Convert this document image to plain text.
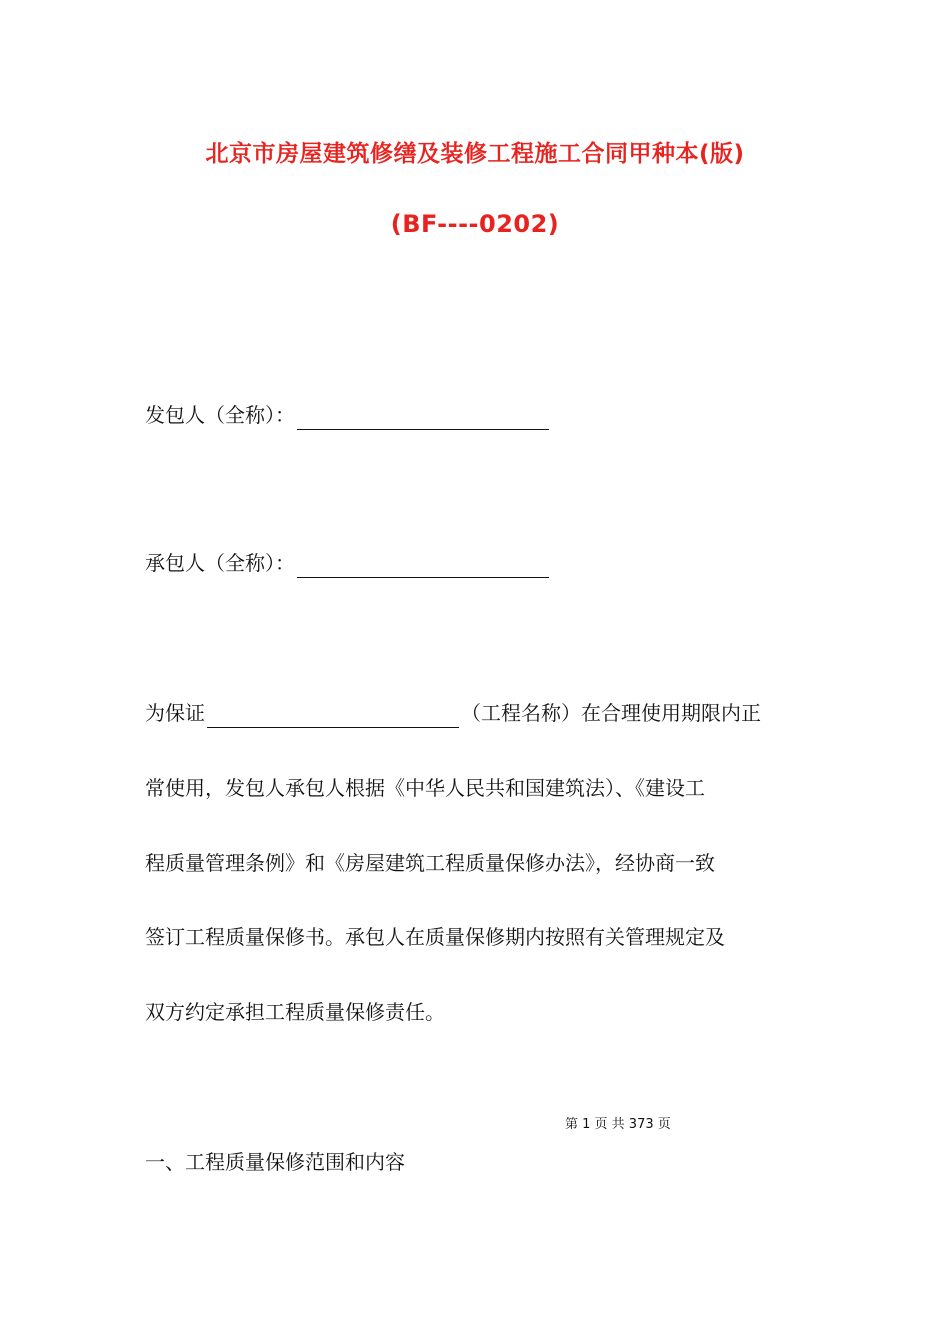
北京市房屋建筑修缮及装修工程施工合同甲种本(版)
(BF----0202)
发包人（全称）：
承包人（全称）：
为保证	（工程名称）在合理使用期限内正
常使用，发包人承包人根据《中华人民共和国建筑法）、《建设工
程质量管理条例》和《房屋建筑工程质量保修办法》，经协商一致
签订工程质量保修书。承包人在质量保修期内按照有关管理规定及
双方约定承担工程质量保修责任。
第 1 页 共 373 页
一、工程质量保修范围和内容
